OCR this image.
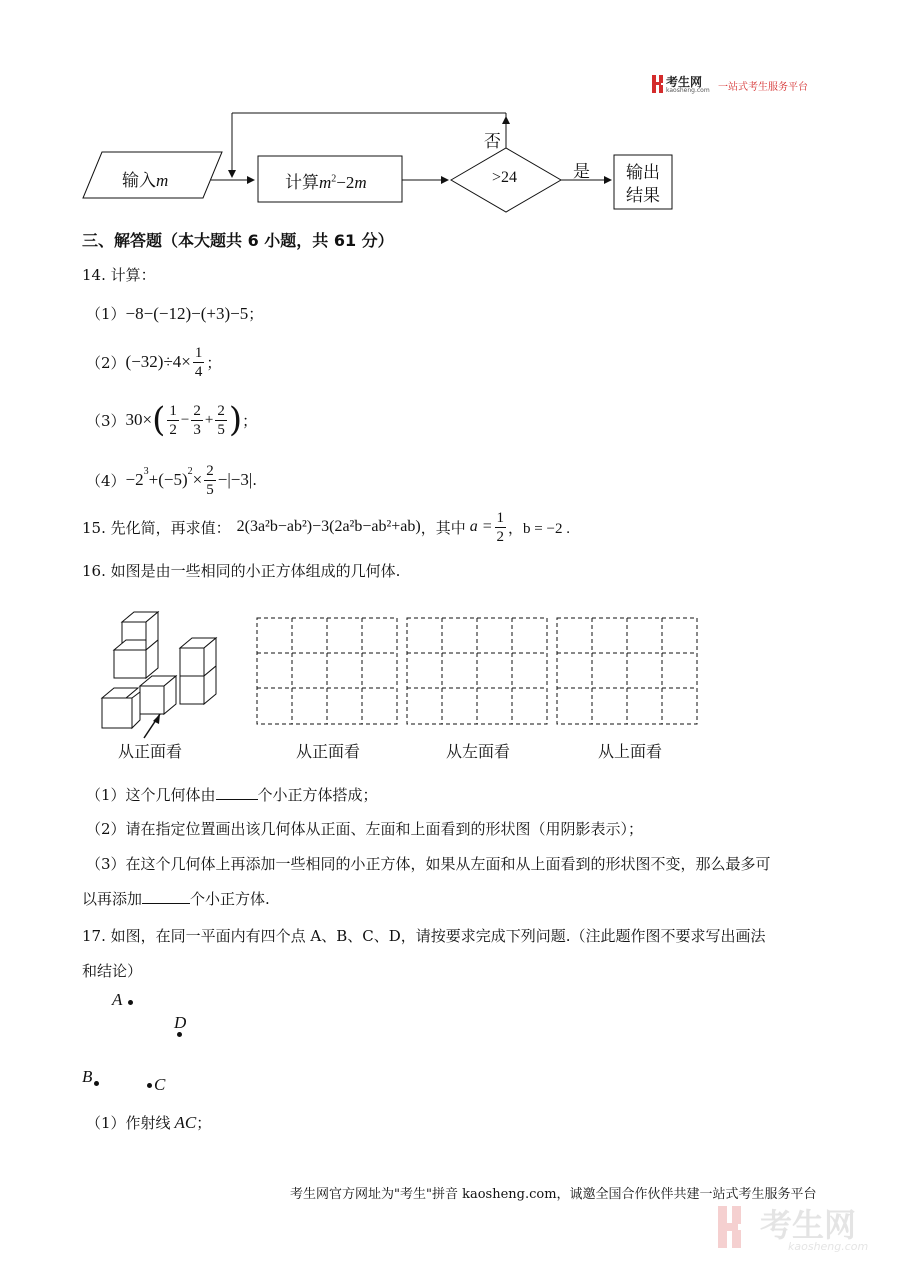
考生网
kaosheng.com 一站式考生服务平台
输入m	计算$m^2-2m$	>24	是
否
输出
结果
三、解答题（本大题共 6 小题，共 61 分）
14. 计算：
（1）−8−(−12)−(+3)−5；
（2） $(-32)\div 4\times \frac{1}{4}$ ；
（3） 30× ( $\frac{1}{2} - \frac{2}{3} + \frac{2}{5}$ ) ；
$(4) -2^3 +(-5)^2 \times \frac{2}{5} -|-3|$ .
15. 先化简，再求值： 2(3a²b−ab²)−3(2a²b−ab²+ab) ，其中 $a = \frac{1}{2}$ ，b = −2 .
16. 如图是由一些相同的小正方体组成的几何体.
从正面看	从正面看	从左面看	从上面看
（1）这个几何体由	个小正方体搭成；
（2）请在指定位置画出该几何体从正面、左面和上面看到的形状图（用阴影表示）；
（3）在这个几何体上再添加一些相同的小正方体，如果从左面和从上面看到的形状图不变，那么最多可
以再添加	个小正方体.
17. 如图，在同一平面内有四个点 A、B、C、D，请按要求完成下列问题.（注此题作图不要求写出画法
和结论）
A
D
B	C
（1）作射线 AC；
考生网官方网址为"考生"拼音 kaosheng.com，诚邀全国合作伙伴共建一站式考生服务平台
考生网
kaosheng.com
